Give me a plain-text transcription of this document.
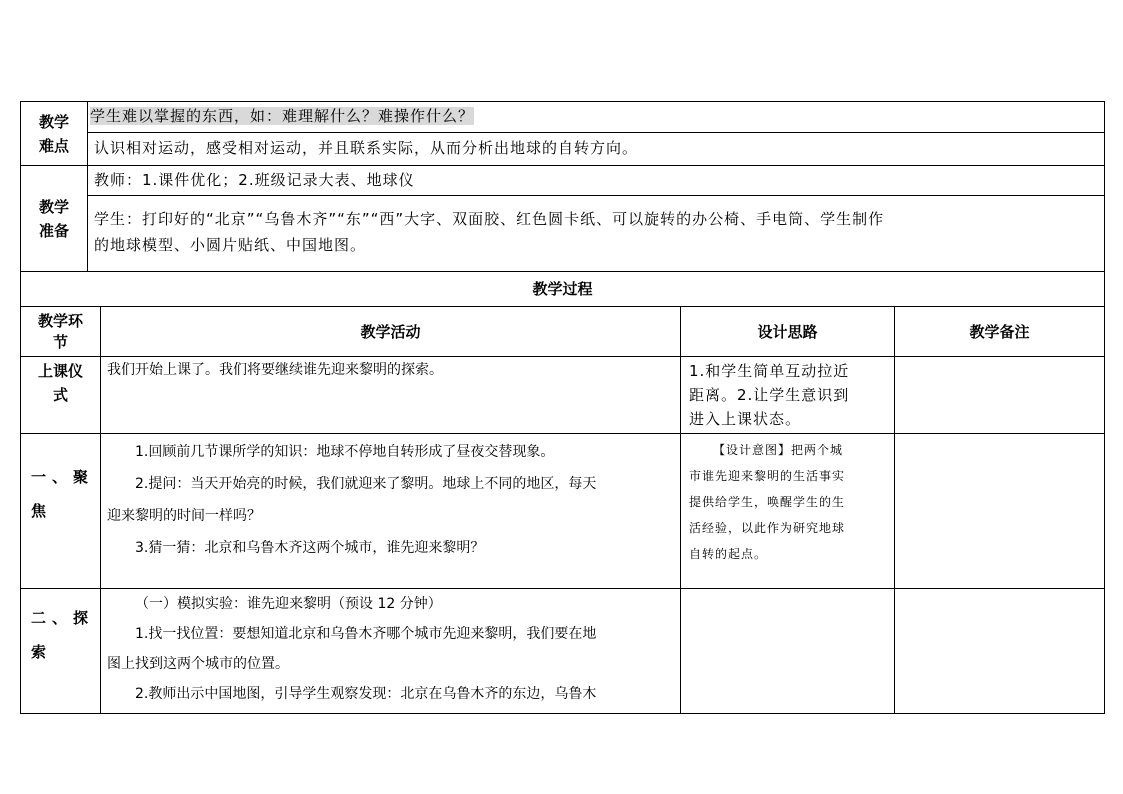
教学
难点	学生难以掌握的东西，如：难理解什么？难操作什么？
	认识相对运动，感受相对运动，并且联系实际，从而分析出地球的自转方向。

教学
准备	教师：1.课件优化；2.班级记录大表、地球仪

	学生：打印好的“北京”“乌鲁木齐”“东”“西”大字、双面胶、红色圆卡纸、可以旋转的办公椅、手电筒、学生制作
的地球模型、小圆片贴纸、中国地图。
教学过程			

教学环
节	教学活动	设计思路	教学备注

上课仪
式	我们开始上课了。我们将要继续谁先迎来黎明的探索。	1.和学生简单互动拉近
距离。2.让学生意识到
进入上课状态。	

一、聚
焦	1.回顾前几节课所学的知识：地球不停地自转形成了昼夜交替现象。
2.提问：当天开始亮的时候，我们就迎来了黎明。地球上不同的地区，每天
迎来黎明的时间一样吗？
3.猜一猜：北京和乌鲁木齐这两个城市，谁先迎来黎明？	【设计意图】把两个城
市谁先迎来黎明的生活事实
提供给学生，唤醒学生的生
活经验，以此作为研究地球
自转的起点。	

二、探
索	（一）模拟实验：谁先迎来黎明（预设 12 分钟）
1.找一找位置：要想知道北京和乌鲁木齐哪个城市先迎来黎明，我们要在地
图上找到这两个城市的位置。
2.教师出示中国地图，引导学生观察发现：北京在乌鲁木齐的东边，乌鲁木		
